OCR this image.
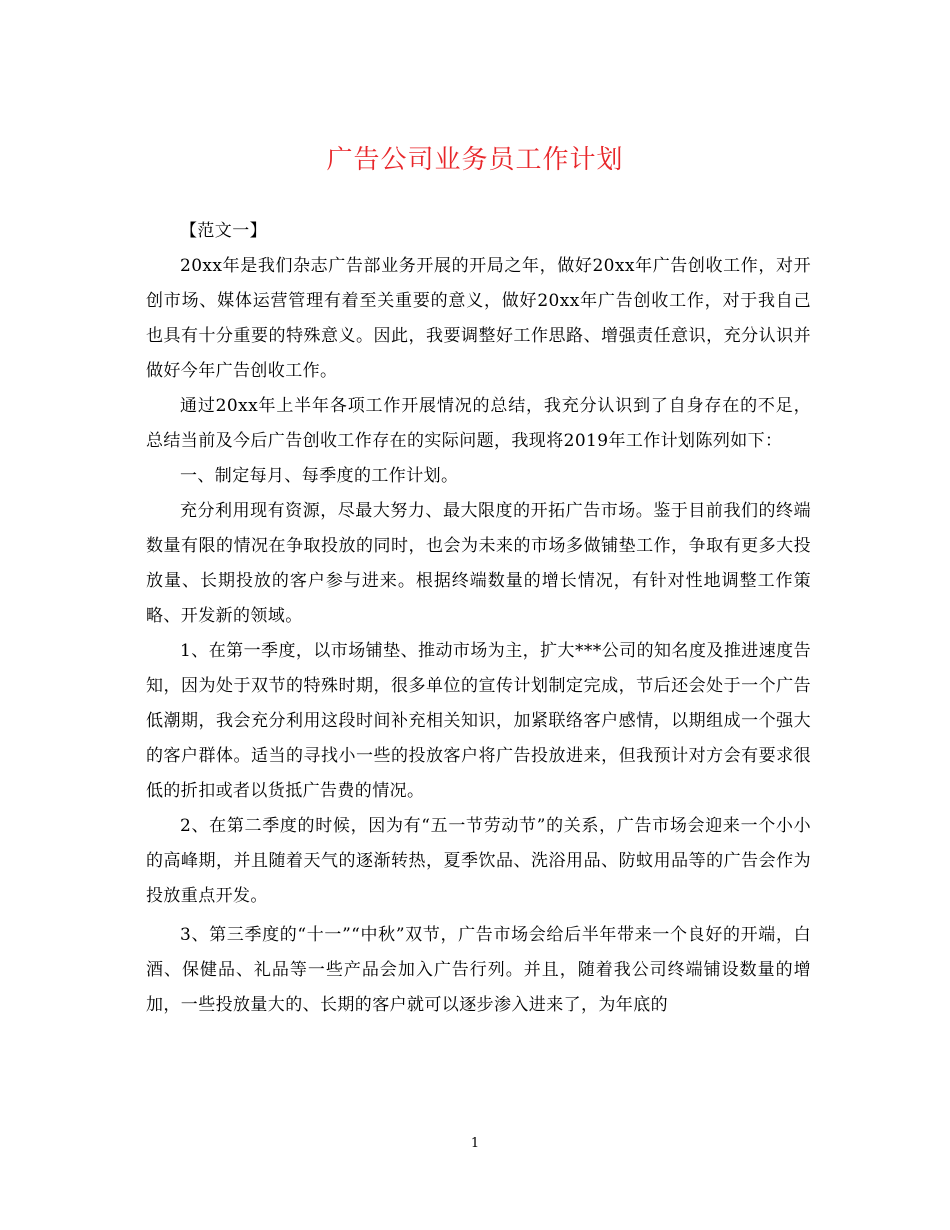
广告公司业务员工作计划

【范文一】

20xx年是我们杂志广告部业务开展的开局之年，做好20xx年广告创收工作，对开创市场、媒体运营管理有着至关重要的意义，做好20xx年广告创收工作，对于我自己也具有十分重要的特殊意义。因此，我要调整好工作思路、增强责任意识，充分认识并做好今年广告创收工作。

通过20xx年上半年各项工作开展情况的总结，我充分认识到了自身存在的不足，总结当前及今后广告创收工作存在的实际问题，我现将2019年工作计划陈列如下：

一、制定每月、每季度的工作计划。

充分利用现有资源，尽最大努力、最大限度的开拓广告市场。鉴于目前我们的终端数量有限的情况在争取投放的同时，也会为未来的市场多做铺垫工作，争取有更多大投放量、长期投放的客户参与进来。根据终端数量的增长情况，有针对性地调整工作策略、开发新的领域。

1、在第一季度，以市场铺垫、推动市场为主，扩大***公司的知名度及推进速度告知，因为处于双节的特殊时期，很多单位的宣传计划制定完成，节后还会处于一个广告低潮期，我会充分利用这段时间补充相关知识，加紧联络客户感情，以期组成一个强大的客户群体。适当的寻找小一些的投放客户将广告投放进来，但我预计对方会有要求很低的折扣或者以货抵广告费的情况。

2、在第二季度的时候，因为有“五一节劳动节”的关系，广告市场会迎来一个小小的高峰期，并且随着天气的逐渐转热，夏季饮品、洗浴用品、防蚊用品等的广告会作为投放重点开发。

3、第三季度的“十一”“中秋”双节，广告市场会给后半年带来一个良好的开端，白酒、保健品、礼品等一些产品会加入广告行列。并且，随着我公司终端铺设数量的增加，一些投放量大的、长期的客户就可以逐步渗入进来了，为年底的

1
